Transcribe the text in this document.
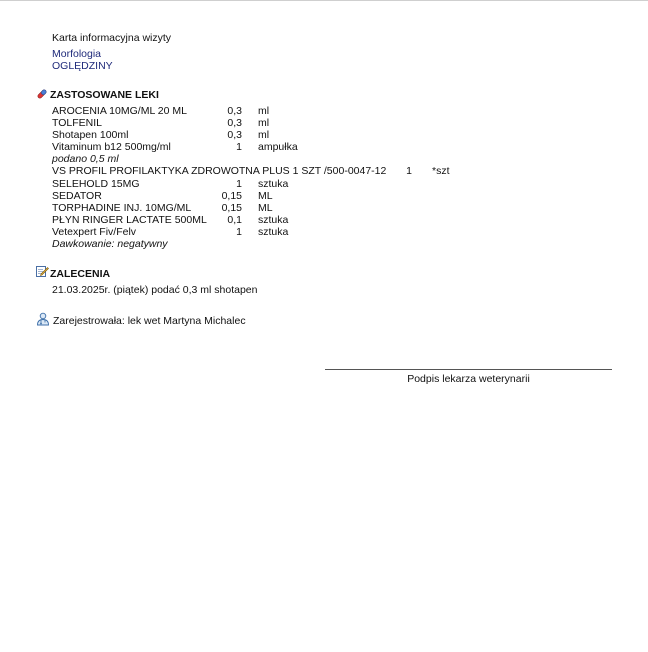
Karta informacyjna wizyty
Morfologia
OGLĘDZINY
ZASTOSOWANE LEKI
AROCENIA 10MG/ML 20 ML	0,3 ml
TOLFENIL	0,3 ml
Shotapen 100ml	0,3 ml
Vitaminum b12 500mg/ml	1 ampułka
podano 0,5 ml
VS PROFIL PROFILAKTYKA ZDROWOTNA PLUS 1 SZT /500-0047-12	1 *szt
SELEHOLD 15MG	1 sztuka
SEDATOR	0,15 ML
TORPHADINE INJ. 10MG/ML	0,15 ML
PŁYN RINGER LACTATE 500ML	0,1 sztuka
Vetexpert Fiv/Felv	1 sztuka
Dawkowanie: negatywny
ZALECENIA
21.03.2025r. (piątek) podać 0,3 ml shotapen
Zarejestrowała: lek wet Martyna Michalec
Podpis lekarza weterynarii
